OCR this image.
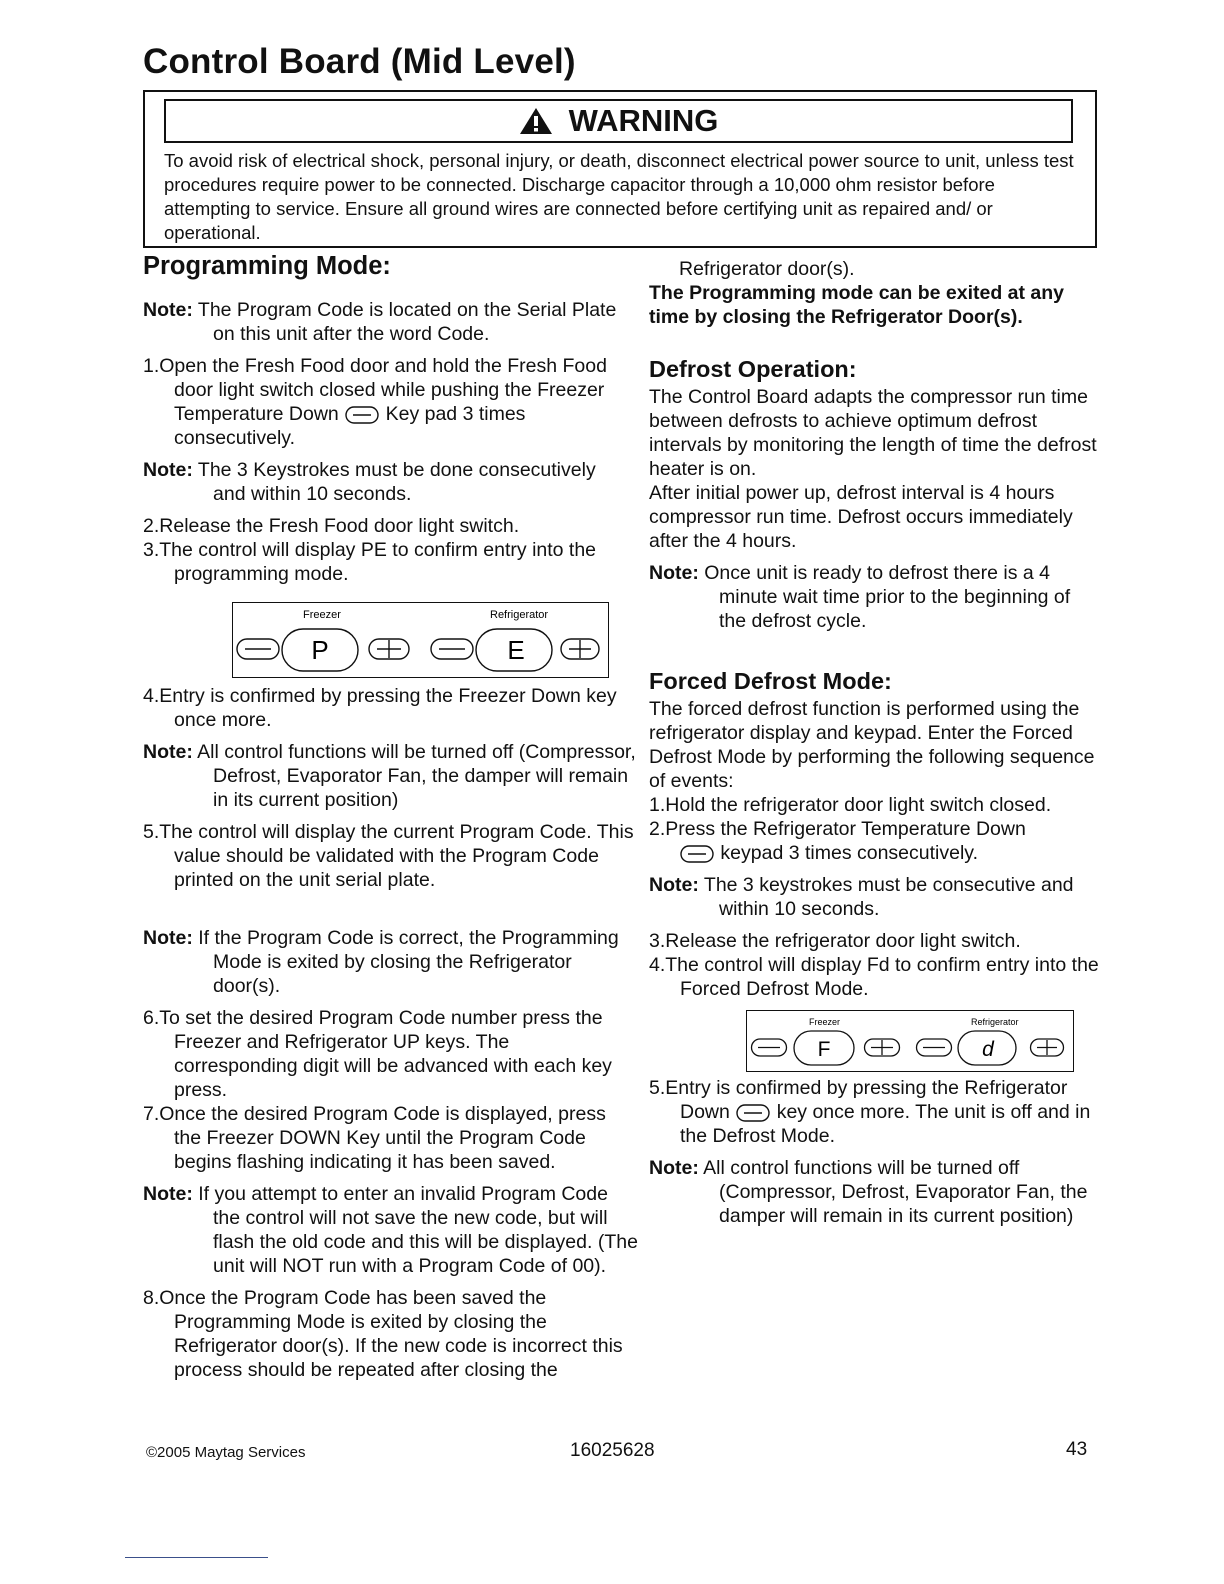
Control Board (Mid Level)
WARNING
To avoid risk of electrical shock, personal injury, or death, disconnect electrical power source to unit, unless test procedures require power to be connected. Discharge capacitor through a 10,000 ohm resistor before attempting to service. Ensure all ground wires are connected before certifying unit as repaired and/ or operational.
Programming Mode:
Note: The Program Code is located on the Serial Plate on this unit after the word Code.
1.Open the Fresh Food door and hold the Fresh Food door light switch closed while pushing the Freezer Temperature Down Key pad 3 times consecutively.
Note: The 3 Keystrokes must be done consecutively and within 10 seconds.
2.Release the Fresh Food door light switch.
3.The control will display PE to confirm entry into the programming mode.
Freezer	Refrigerator
P	E
4.Entry is confirmed by pressing the Freezer Down key once more.
Note: All control functions will be turned off (Compressor, Defrost, Evaporator Fan, the damper will remain in its current position)
5.The control will display the current Program Code. This value should be validated with the Program Code printed on the unit serial plate.
Note: If the Program Code is correct, the Programming Mode is exited by closing the Refrigerator door(s).
6.To set the desired Program Code number press the Freezer and Refrigerator UP keys. The corresponding digit will be advanced with each key press.
7.Once the desired Program Code is displayed, press the Freezer DOWN Key until the Program Code begins flashing indicating it has been saved.
Note: If you attempt to enter an invalid Program Code the control will not save the new code, but will flash the old code and this will be displayed. (The unit will NOT run with a Program Code of 00).
8.Once the Program Code has been saved the Programming Mode is exited by closing the Refrigerator door(s). If the new code is incorrect this process should be repeated after closing the
Refrigerator door(s).
The Programming mode can be exited at any time by closing the Refrigerator Door(s).
Defrost Operation:
The Control Board adapts the compressor run time between defrosts to achieve optimum defrost intervals by monitoring the length of time the defrost heater is on.
After initial power up, defrost interval is 4 hours compressor run time. Defrost occurs immediately after the 4 hours.
Note: Once unit is ready to defrost there is a 4 minute wait time prior to the beginning of the defrost cycle.
Forced Defrost Mode:
The forced defrost function is performed using the refrigerator display and keypad. Enter the Forced Defrost Mode by performing the following sequence of events:
1.Hold the refrigerator door light switch closed.
2.Press the Refrigerator Temperature Down
keypad 3 times consecutively.
Note: The 3 keystrokes must be consecutive and within 10 seconds.
3.Release the refrigerator door light switch.
4.The control will display Fd to confirm entry into the Forced Defrost Mode.
Freezer	Refrigerator
F	d
5.Entry is confirmed by pressing the Refrigerator Down key once more. The unit is off and in the Defrost Mode.
Note: All control functions will be turned off (Compressor, Defrost, Evaporator Fan, the damper will remain in its current position)
©2005 Maytag Services	16025628	43
